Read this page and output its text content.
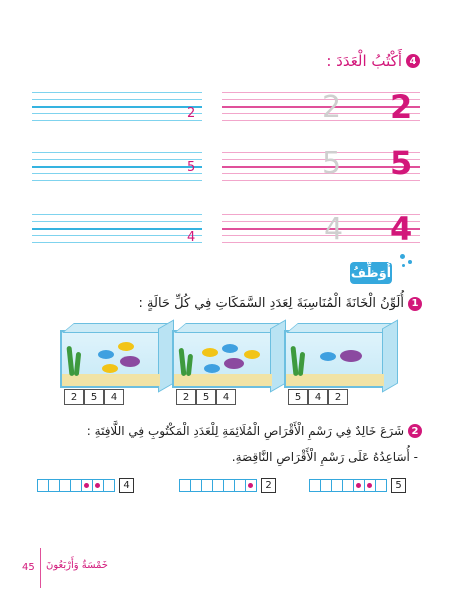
4
أَكْتُبُ الْعَدَدَ :
2	2 2
5	5 5
4	4 4
أُوَظِّفُ
1
أُلَوِّنُ الْخَانَةَ الْمُنَاسِبَةَ لِعَدَدِ السَّمَكَاتِ فِي كُلِّ حَالَةٍ :
2	5	4	2	5	4	5	4	2
2
شَرَعَ خَالِدٌ فِي رَسْمِ الْأَقْرَاصِ الْمُلَائِمَةِ لِلْعَدَدِ الْمَكْتُوبِ فِي اللَّافِتَةِ :
- أُسَاعِدُهُ عَلَى رَسْمِ الْأَقْرَاصِ النَّاقِصَةِ.
4	2	5
45 خَمْسَةٌ وَأَرْبَعُونَ
